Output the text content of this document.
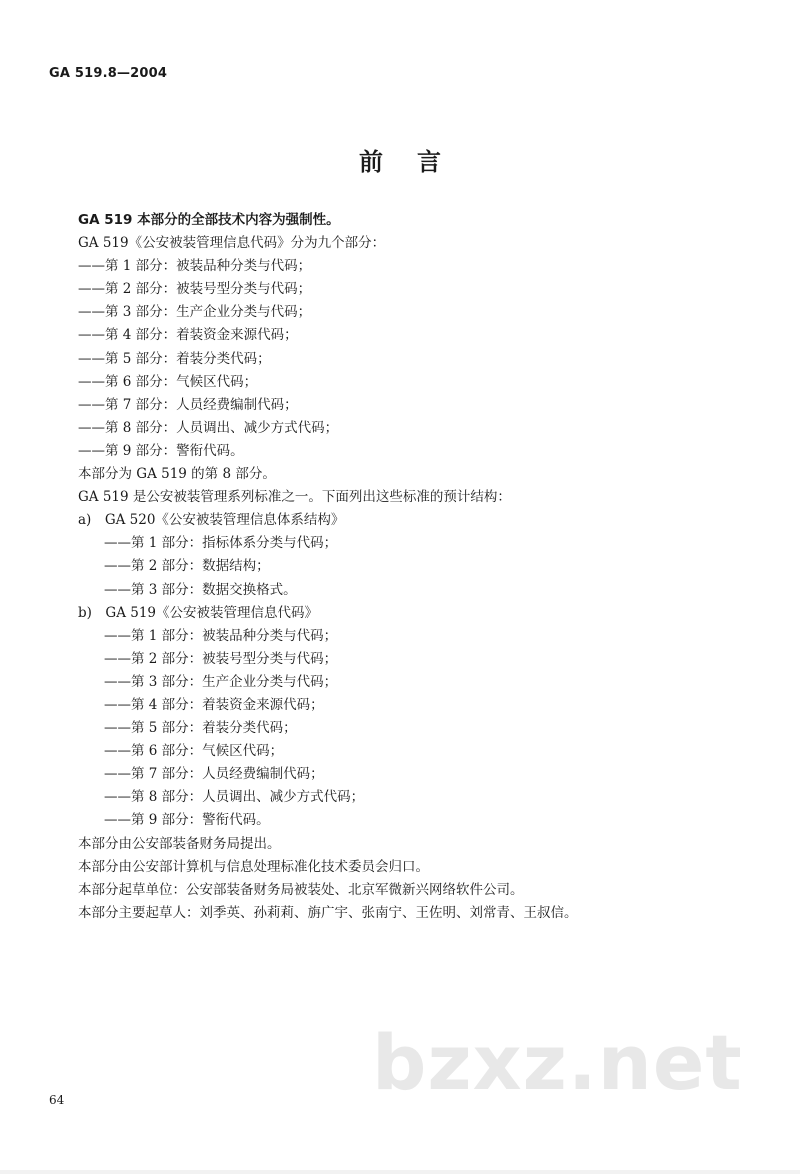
GA 519.8—2004
前言
GA 519 本部分的全部技术内容为强制性。
GA 519《公安被装管理信息代码》分为九个部分：
——第 1 部分：被装品种分类与代码；
——第 2 部分：被装号型分类与代码；
——第 3 部分：生产企业分类与代码；
——第 4 部分：着装资金来源代码；
——第 5 部分：着装分类代码；
——第 6 部分：气候区代码；
——第 7 部分：人员经费编制代码；
——第 8 部分：人员调出、减少方式代码；
——第 9 部分：警衔代码。
本部分为 GA 519 的第 8 部分。
GA 519 是公安被装管理系列标准之一。下面列出这些标准的预计结构：
a)　GA 520《公安被装管理信息体系结构》
——第 1 部分：指标体系分类与代码；
——第 2 部分：数据结构；
——第 3 部分：数据交换格式。
b)　GA 519《公安被装管理信息代码》
——第 1 部分：被装品种分类与代码；
——第 2 部分：被装号型分类与代码；
——第 3 部分：生产企业分类与代码；
——第 4 部分：着装资金来源代码；
——第 5 部分：着装分类代码；
——第 6 部分：气候区代码；
——第 7 部分：人员经费编制代码；
——第 8 部分：人员调出、减少方式代码；
——第 9 部分：警衔代码。
本部分由公安部装备财务局提出。
本部分由公安部计算机与信息处理标准化技术委员会归口。
本部分起草单位：公安部装备财务局被装处、北京军微新兴网络软件公司。
本部分主要起草人：刘季英、孙莉莉、旃广宇、张南宁、王佐明、刘常青、王叔信。
bzxz.net
64
